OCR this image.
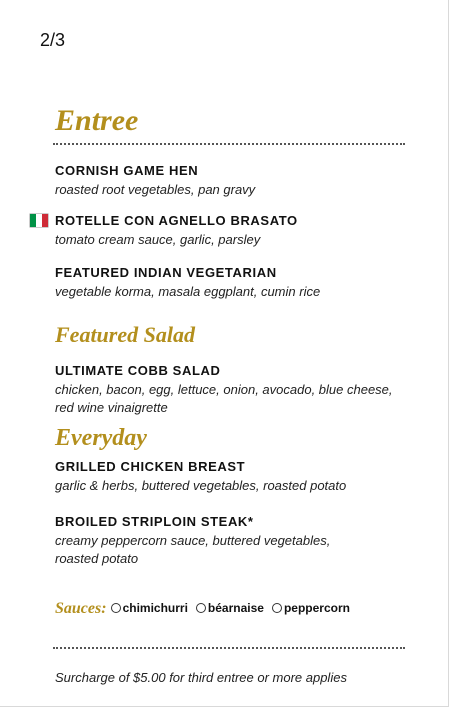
2/3
Entree
CORNISH GAME HEN
roasted root vegetables, pan gravy
ROTELLE CON AGNELLO BRASATO
tomato cream sauce, garlic, parsley
FEATURED INDIAN VEGETARIAN
vegetable korma, masala eggplant, cumin rice
Featured Salad
ULTIMATE COBB SALAD
chicken, bacon, egg, lettuce, onion, avocado, blue cheese,
red wine vinaigrette
Everyday
GRILLED CHICKEN BREAST
garlic & herbs, buttered vegetables, roasted potato
BROILED STRIPLOIN STEAK*
creamy peppercorn sauce, buttered vegetables,
roasted potato
Sauces: chimichurri béarnaise peppercorn
Surcharge of $5.00 for third entree or more applies
